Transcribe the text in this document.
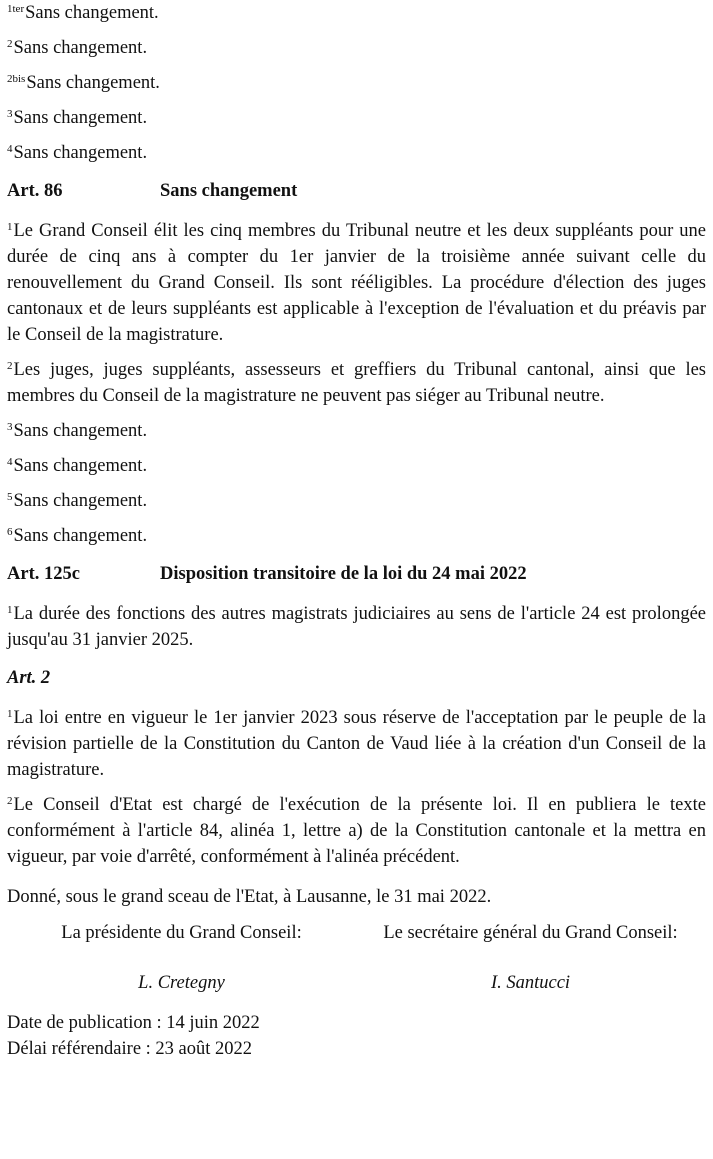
$^{1ter}$Sans changement.

$^2$Sans changement.

$^{2bis}$Sans changement.

$^3$Sans changement.

$^4$Sans changement.

Art. 86	Sans changement

$^1$Le Grand Conseil élit les cinq membres du Tribunal neutre et les deux suppléants pour une durée de cinq ans à compter du 1er janvier de la troisième année suivant celle du renouvellement du Grand Conseil. Ils sont rééligibles. La procédure d'élection des juges cantonaux et de leurs suppléants est applicable à l'exception de l'évaluation et du préavis par le Conseil de la magistrature.

$^2$Les juges, juges suppléants, assesseurs et greffiers du Tribunal cantonal, ainsi que les membres du Conseil de la magistrature ne peuvent pas siéger au Tribunal neutre.

$^3$Sans changement.

$^4$Sans changement.

$^5$Sans changement.

$^6$Sans changement.

Art. 125c	Disposition transitoire de la loi du 24 mai 2022

$^1$La durée des fonctions des autres magistrats judiciaires au sens de l'article 24 est prolongée jusqu'au 31 janvier 2025.

Art. 2

$^1$La loi entre en vigueur le 1er janvier 2023 sous réserve de l'acceptation par le peuple de la révision partielle de la Constitution du Canton de Vaud liée à la création d'un Conseil de la magistrature.

$^2$Le Conseil d'Etat est chargé de l'exécution de la présente loi. Il en publiera le texte conformément à l'article 84, alinéa 1, lettre a) de la Constitution cantonale et la mettra en vigueur, par voie d'arrêté, conformément à l'alinéa précédent.

Donné, sous le grand sceau de l'Etat, à Lausanne, le 31 mai 2022.

La présidente du Grand Conseil:	Le secrétaire général du Grand Conseil:
L. Cretegny	I. Santucci

Date de publication : 14 juin 2022

Délai référendaire : 23 août 2022
